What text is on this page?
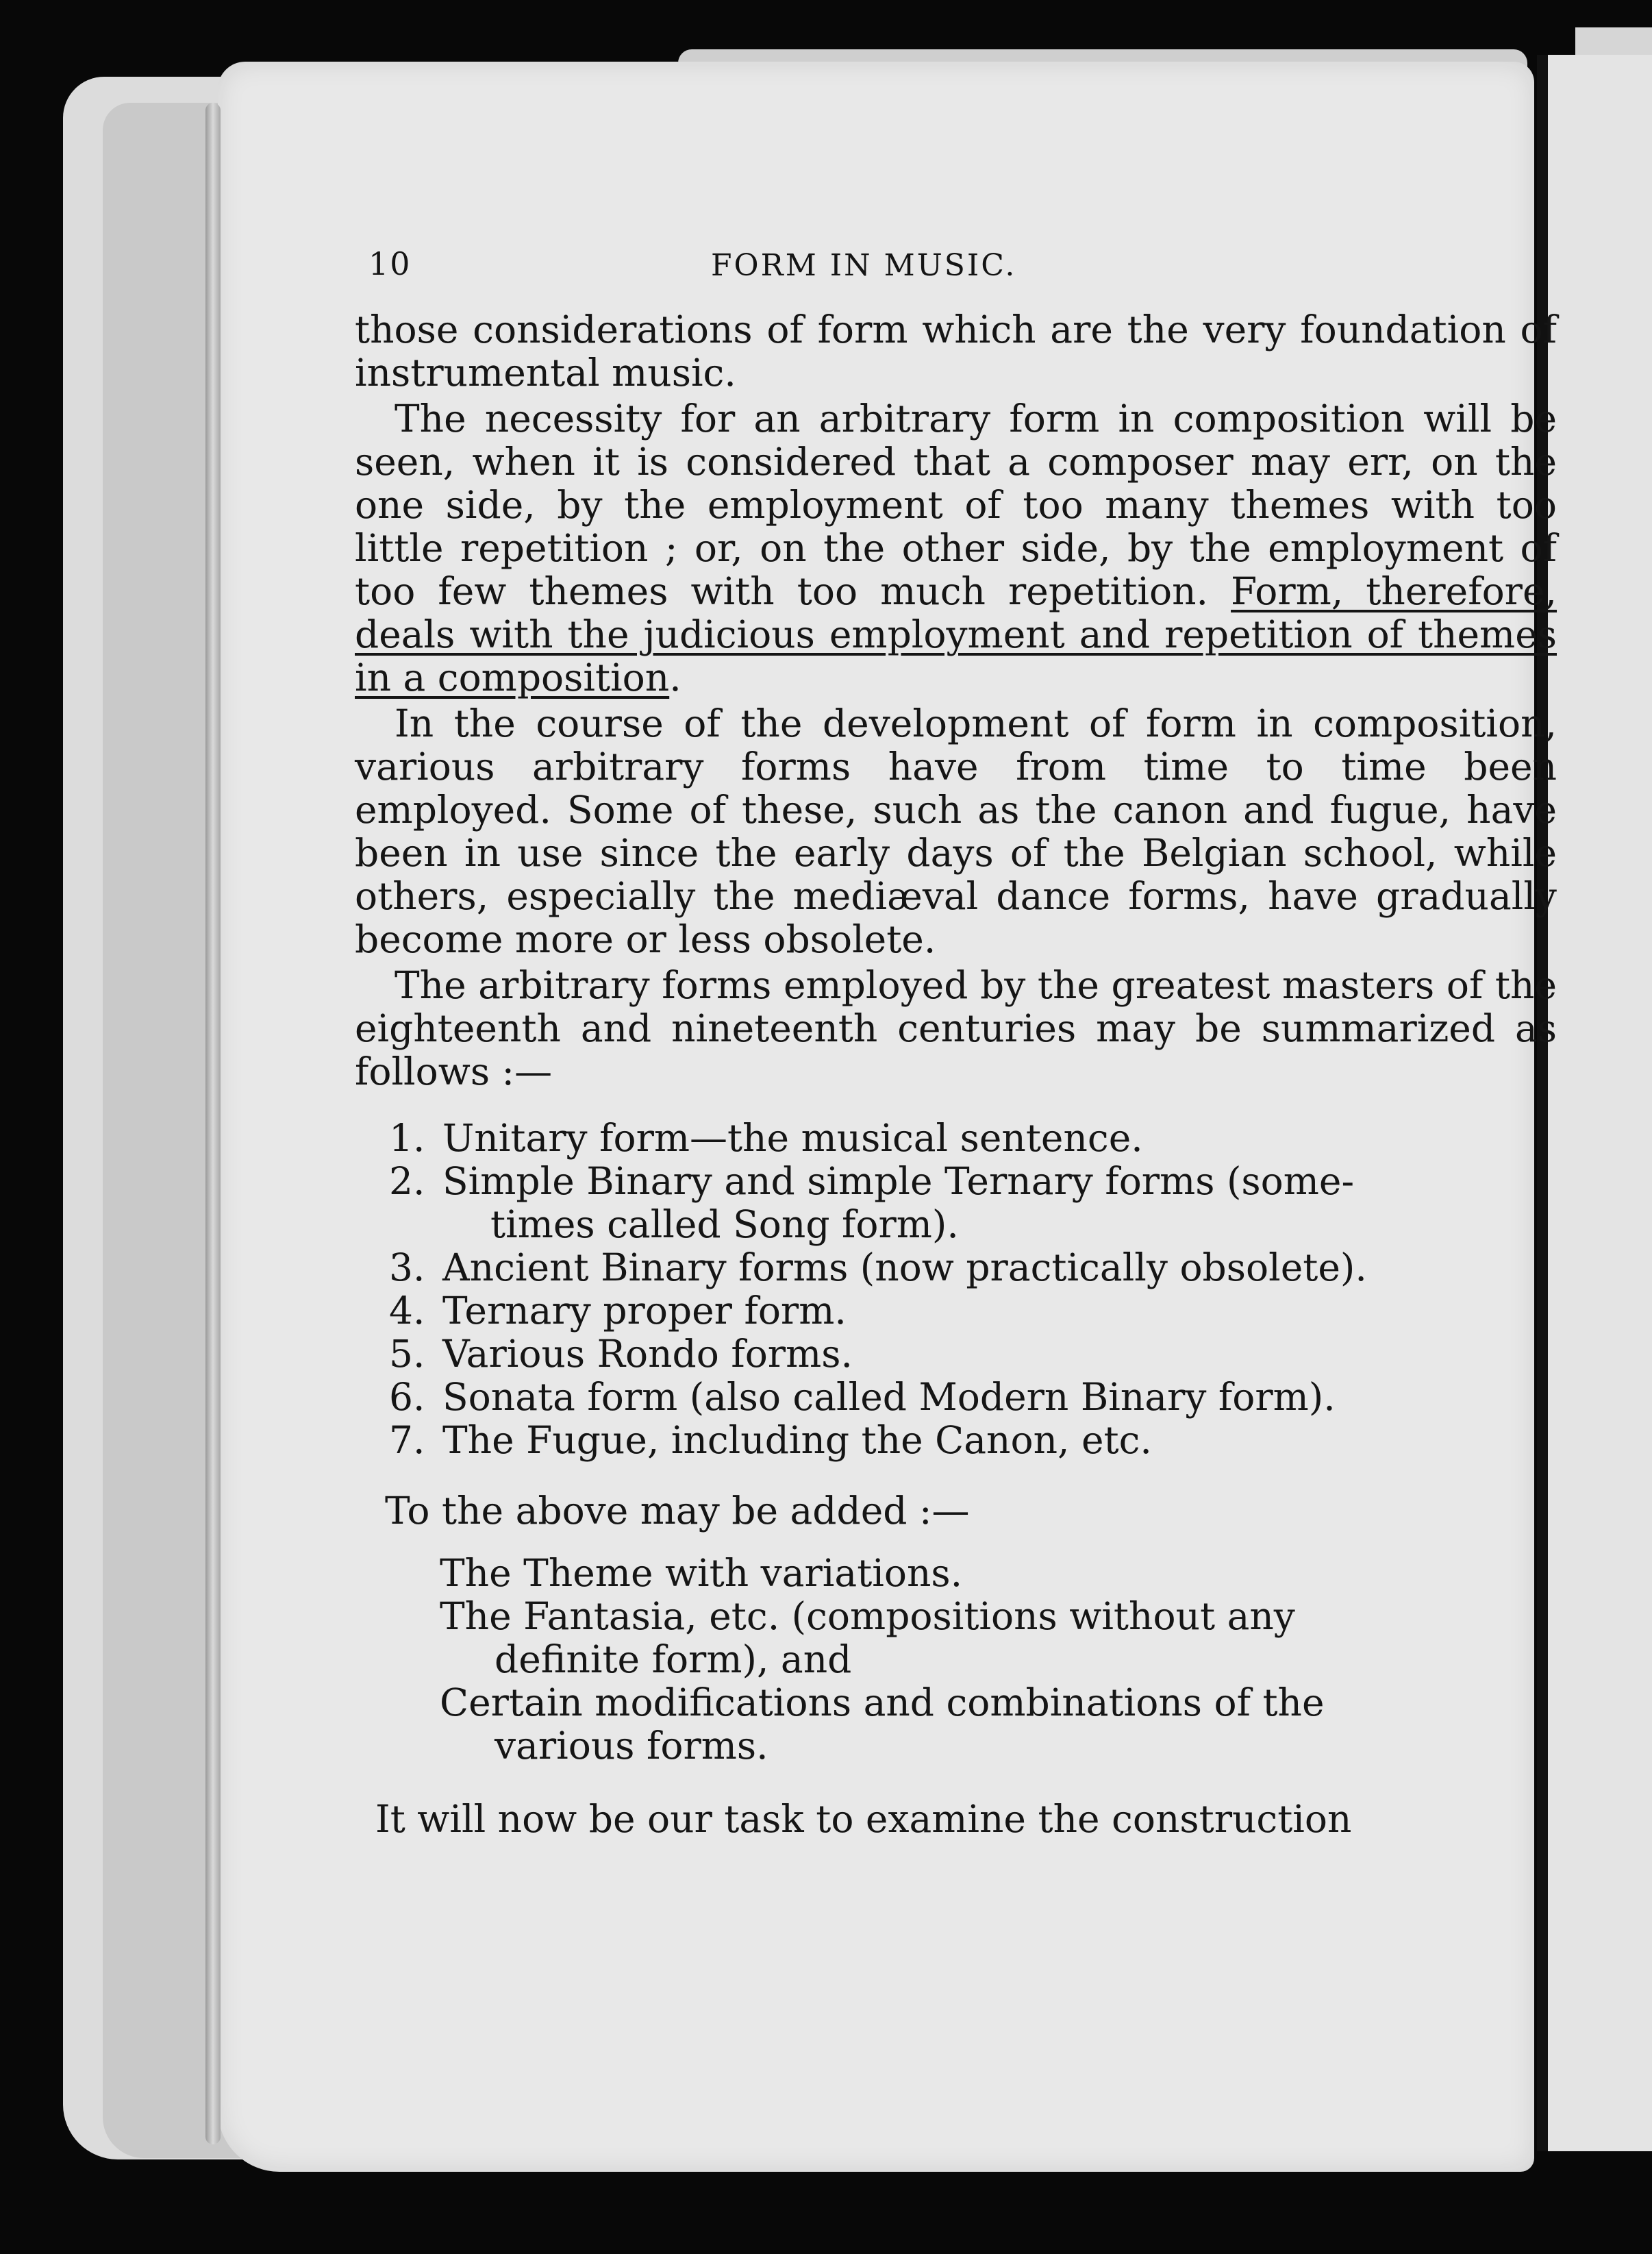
10	FORM IN MUSIC.

those considerations of form which are the very foundation of instrumental music.

The necessity for an arbitrary form in composition will be seen, when it is considered that a composer may err, on the one side, by the employment of too many themes with too little repetition ; or, on the other side, by the employment of too few themes with too much repetition. Form, therefore, deals with the judicious employment and repetition of themes in a composition.

In the course of the development of form in composition, various arbitrary forms have from time to time been employed. Some of these, such as the canon and fugue, have been in use since the early days of the Belgian school, while others, especially the mediæval dance forms, have gradually become more or less obsolete.

The arbitrary forms employed by the greatest masters of the eighteenth and nineteenth centuries may be summarized as follows :—

1. Unitary form—the musical sentence.
2. Simple Binary and simple Ternary forms (some-
times called Song form).
3. Ancient Binary forms (now practically obsolete).
4. Ternary proper form.
5. Various Rondo forms.
6. Sonata form (also called Modern Binary form).
7. The Fugue, including the Canon, etc.

To the above may be added :—

The Theme with variations.
The Fantasia, etc. (compositions without any
definite form), and
Certain modifications and combinations of the
various forms.

It will now be our task to examine the construction
